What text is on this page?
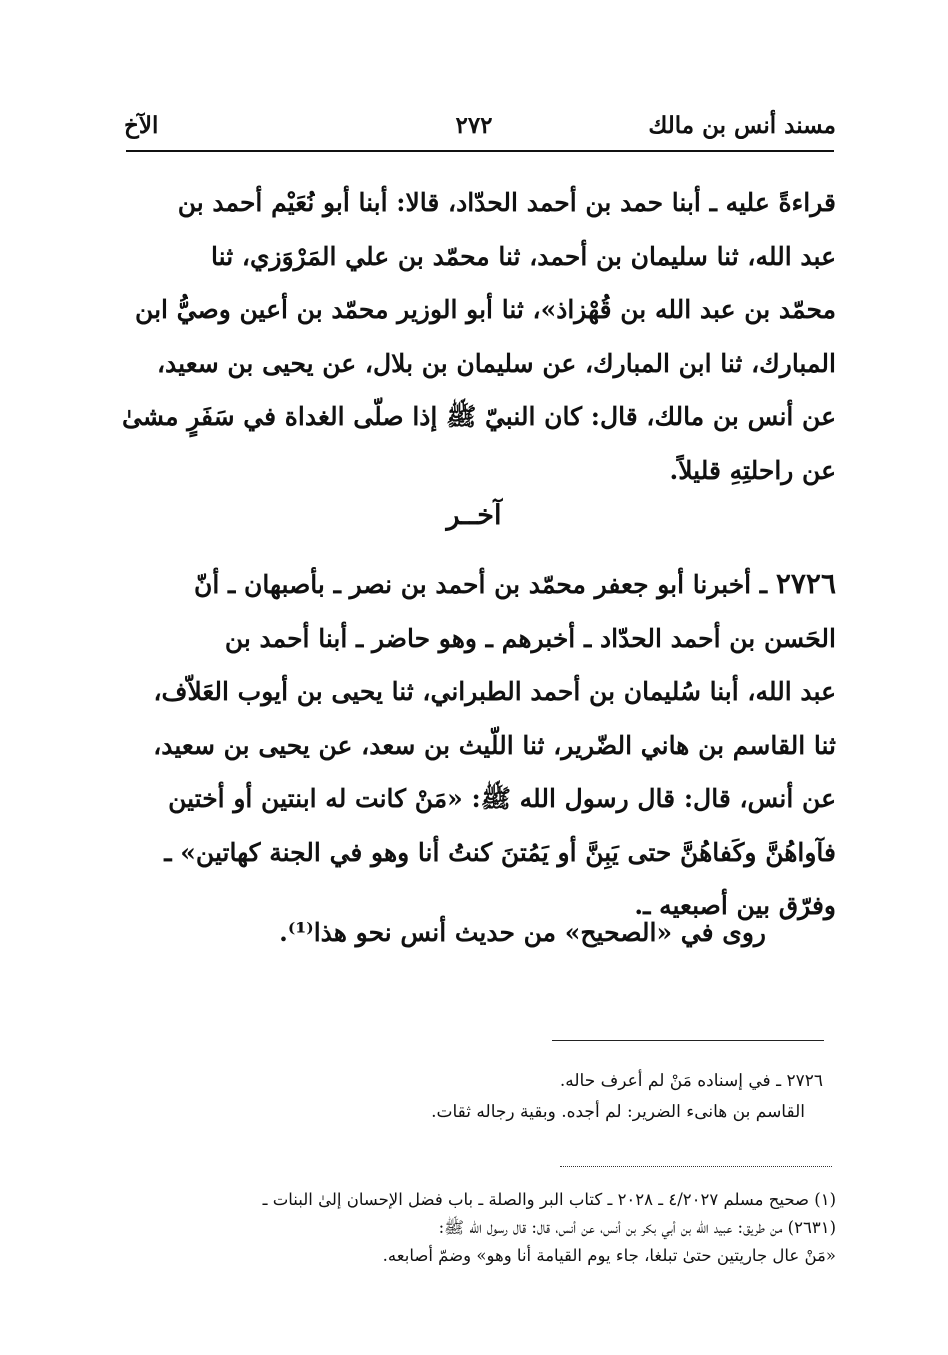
مسند أنس بن مالك
٢٧٢
الآخ

قراءةً عليه ـ أبنا حمد بن أحمد الحدّاد، قالا: أبنا أبو نُعَيْم أحمد بن

عبد الله، ثنا سليمان بن أحمد، ثنا محمّد بن علي المَرْوَزي، ثنا

محمّد بن عبد الله بن قُهْزاذ»، ثنا أبو الوزير محمّد بن أعين وصيُّ ابن

المبارك، ثنا ابن المبارك، عن سليمان بن بلال، عن يحيى بن سعيد،

عن أنس بن مالك، قال: كان النبيّ ﷺ إذا صلّى الغداة في سَفَرٍ مشىٰ

عن راحلتِهِ قليلاً.

آخــر

٢٧٢٦ ـ أخبرنا أبو جعفر محمّد بن أحمد بن نصر ـ بأصبهان ـ أنّ

الحَسن بن أحمد الحدّاد ـ أخبرهم ـ وهو حاضر ـ أبنا أحمد بن

عبد الله، أبنا سُليمان بن أحمد الطبراني، ثنا يحيى بن أيوب العَلاّف،

ثنا القاسم بن هاني الضّرير، ثنا اللّيث بن سعد، عن يحيى بن سعيد،

عن أنس، قال: قال رسول الله ﷺ: «مَنْ كانت له ابنتين أو أختين

فآواهُنَّ وكَفاهُنَّ حتى يَبِنَّ أو يَمُتنَ كنتُ أنا وهو في الجنة كهاتين» ـ

وفرّق بين أصبعيه ـ.

روى في «الصحيح» من حديث أنس نحو هذا⁽¹⁾.

٢٧٢٦ ـ في إسناده مَنْ لم أعرف حاله.

القاسم بن هانىء الضرير: لم أجده. وبقية رجاله ثقات.

(١) صحيح مسلم ٤/٢٠٢٧ ـ ٢٠٢٨ ـ كتاب البر والصلة ـ باب فضل الإحسان إلىٰ البنات ـ

(٢٦٣١) من طريق: عبيد الله بن أبي بكر بن أنس، عن أنس، قال: قال رسول الله ﷺ:

«مَنْ عال جاريتين حتىٰ تبلغا، جاء يوم القيامة أنا وهو» وضمّ أصابعه.
